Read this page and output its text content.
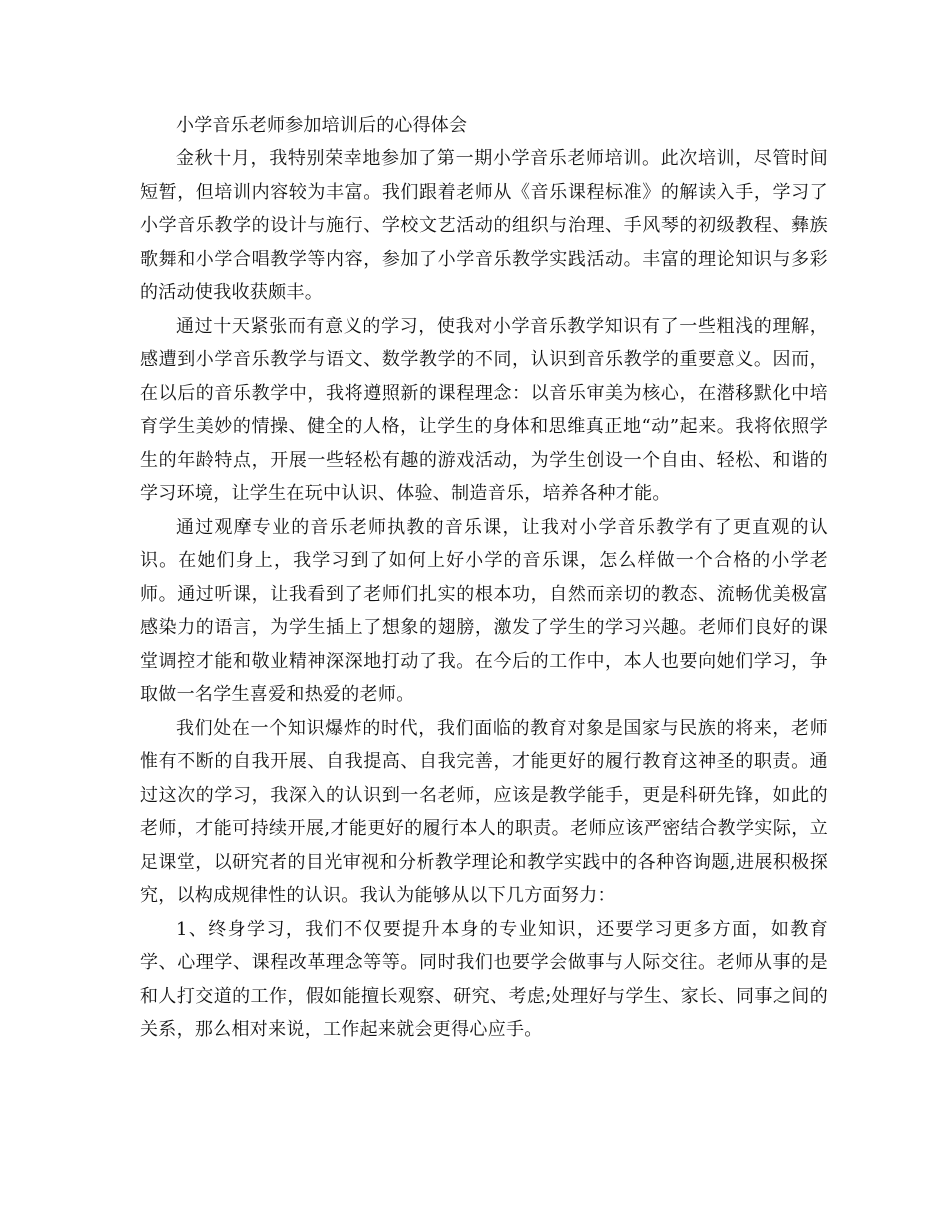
小学音乐老师参加培训后的心得体会

金秋十月，我特别荣幸地参加了第一期小学音乐老师培训。此次培训，尽管时间短暂，但培训内容较为丰富。我们跟着老师从《音乐课程标准》的解读入手，学习了小学音乐教学的设计与施行、学校文艺活动的组织与治理、手风琴的初级教程、彝族歌舞和小学合唱教学等内容，参加了小学音乐教学实践活动。丰富的理论知识与多彩的活动使我收获颇丰。

通过十天紧张而有意义的学习，使我对小学音乐教学知识有了一些粗浅的理解，感遭到小学音乐教学与语文、数学教学的不同，认识到音乐教学的重要意义。因而，在以后的音乐教学中，我将遵照新的课程理念：以音乐审美为核心，在潜移默化中培育学生美妙的情操、健全的人格，让学生的身体和思维真正地“动”起来。我将依照学生的年龄特点，开展一些轻松有趣的游戏活动，为学生创设一个自由、轻松、和谐的学习环境，让学生在玩中认识、体验、制造音乐，培养各种才能。

通过观摩专业的音乐老师执教的音乐课，让我对小学音乐教学有了更直观的认识。在她们身上，我学习到了如何上好小学的音乐课，怎么样做一个合格的小学老师。通过听课，让我看到了老师们扎实的根本功，自然而亲切的教态、流畅优美极富感染力的语言，为学生插上了想象的翅膀，激发了学生的学习兴趣。老师们良好的课堂调控才能和敬业精神深深地打动了我。在今后的工作中，本人也要向她们学习，争取做一名学生喜爱和热爱的老师。

我们处在一个知识爆炸的时代，我们面临的教育对象是国家与民族的将来，老师惟有不断的自我开展、自我提高、自我完善，才能更好的履行教育这神圣的职责。通过这次的学习，我深入的认识到一名老师，应该是教学能手，更是科研先锋，如此的老师，才能可持续开展,才能更好的履行本人的职责。老师应该严密结合教学实际，立足课堂，以研究者的目光审视和分析教学理论和教学实践中的各种咨询题,进展积极探究，以构成规律性的认识。我认为能够从以下几方面努力：

1、终身学习，我们不仅要提升本身的专业知识，还要学习更多方面，如教育学、心理学、课程改革理念等等。同时我们也要学会做事与人际交往。老师从事的是和人打交道的工作，假如能擅长观察、研究、考虑;处理好与学生、家长、同事之间的关系，那么相对来说，工作起来就会更得心应手。
